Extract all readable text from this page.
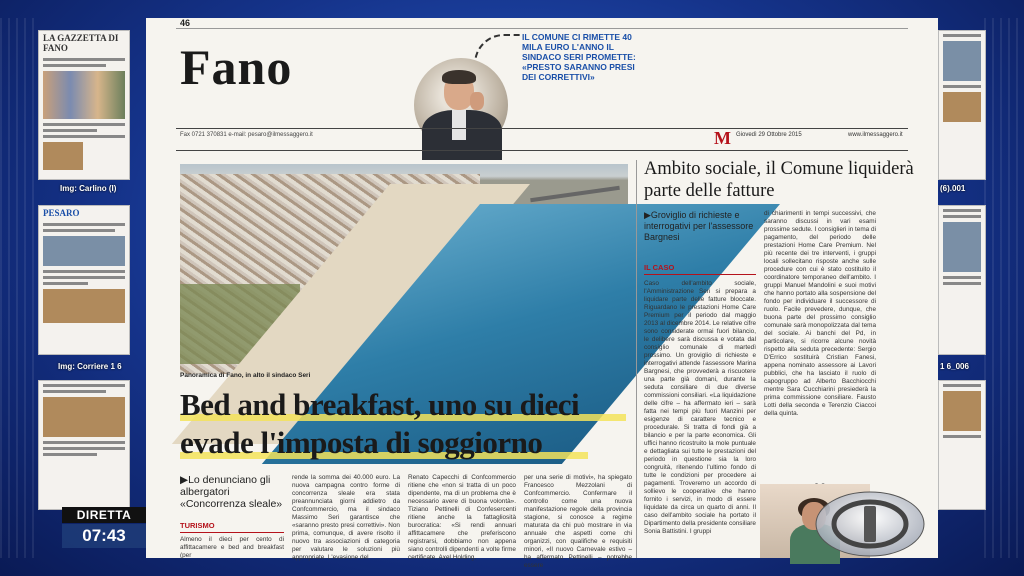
LA GAZZETTA DI FANO
Img: Carlino (I)
PESARO
Img: Corriere 1 6
(6).001
1 6_006
46
Fano
IL COMUNE CI RIMETTE 40 MILA EURO L'ANNO IL SINDACO SERI PROMETTE: «PRESTO SARANNO PRESI DEI CORRETTIVI»
Fax 0721 370831 e-mail: pesaro@ilmessaggero.it	M Giovedì 29 Ottobre 2015	www.ilmessaggero.it
Panoramica di Fano, in alto il sindaco Seri
Bed and breakfast, uno su dieci
evade l'imposta di soggiorno
▶Lo denunciano gli albergatori «Concorrenza sleale»
TURISMO
Almeno il dieci per cento di affittacamere e bed and breakfast (per
rende la somma dei 40.000 euro. La nuova campagna contro forme di concorrenza sleale era stata preannunciata giorni addietro da Confcommercio, ma il sindaco Massimo Seri garantisce che «saranno presto presi correttivi». Non prima, comunque, di avere risolto il nuovo tra associazioni di categoria per valutare le soluzioni più appropriate. L'evasione del
Renato Capecchi di Confcommercio ritiene che «non si tratta di un poco dipendente, ma di un problema che è necessario avere di buona volontà». Tiziano Pettinelli di Confesercenti ritiene anche la fattagliosità burocratica: «Si rendi annuari affittacamere che preferiscono registrarsi, dobbiamo non appena siano controlli dipendenti a volte firme certificate. Axel Holding,
per una serie di motivi», ha spiegato Francesco Mezzolani di Confcommercio. Confermare il controllo come una nuova manifestazione regole della provincia stagione, si conosce a regime maturata da chi può mostrare in via annuale che aspetti come chi organizzi, con qualifiche e requisiti minori, «Il nuovo Carnevale estivo – ha affermato Pettinelli – potrebbe essere
Ambito sociale, il Comune liquiderà parte delle fatture
▶Groviglio di richieste e interrogativi per l'assessore Bargnesi
IL CASO
Caso dell'ambito sociale, l'Amministrazione Seri si prepara a liquidare parte delle fatture bloccate. Riguardano le prestazioni Home Care Premium per il periodo dal maggio 2013 al dicembre 2014. Le relative cifre sono considerate ormai fuori bilancio, le delibere sarà discussa e votata dal consiglio comunale di martedì prossimo. Un groviglio di richieste e interrogativi attende l'assessore Marina Bargnesi, che provvederà a riscuotere una parte già domani, durante la seduta consiliare di due diverse commissioni consiliari. «La liquidazione delle cifre – ha affermato ieri – sarà fatta nei tempi più fuori Manzini per esigenze di carattere tecnico e procedurale. Si tratta di fondi già a bilancio e per la parte economica. Gli uffici hanno ricostruito la mole puntuale e dettagliata sui tutte le prestazioni del periodo in questione sia la loro congruità, ritenendo l'ultimo fondo di tutte le condizioni per procedere ai pagamenti. Troveremo un accordo di sollievo le cooperative che hanno fornito i servizi, in modo di essere liquidate da circa un quarto di anni. Il caso dell'ambito sociale ha portato il Dipartimento della presidente consiliare Sonia Battistini. I gruppi
di chiarimenti in tempi successivi, che saranno discussi in vari esami prossime sedute. I consiglieri in tema di pagamento, del periodo delle prestazioni Home Care Premium. Nel più recente dei tre interventi, i gruppi locali sollecitano risposte anche sulle procedure con cui è stato costituito il coordinatore temporaneo dell'ambito. I gruppi Manuel Mandolini e suoi motivi che hanno portato alla sospensione del fondo per individuare il successore di ruolo. Facile prevedere, dunque, che buona parte del prossimo consiglio comunale sarà monopolizzata dal tema del sociale. Ai banchi del Pd, in particolare, si ricorre alcune novità rispetto alla seduta precedente: Sergio D'Errico sostituirà Cristian Fanesi, appena nominato assessore ai Lavori pubblici, che ha lasciato il ruolo di capogruppo ad Alberto Bacchiocchi mentre Sara Cucchiarini presiederà la prima commissione consiliare. Fausto Lotti della seconda e Terenzio Ciaccoi della quinta.
DIRETTA
07:43
